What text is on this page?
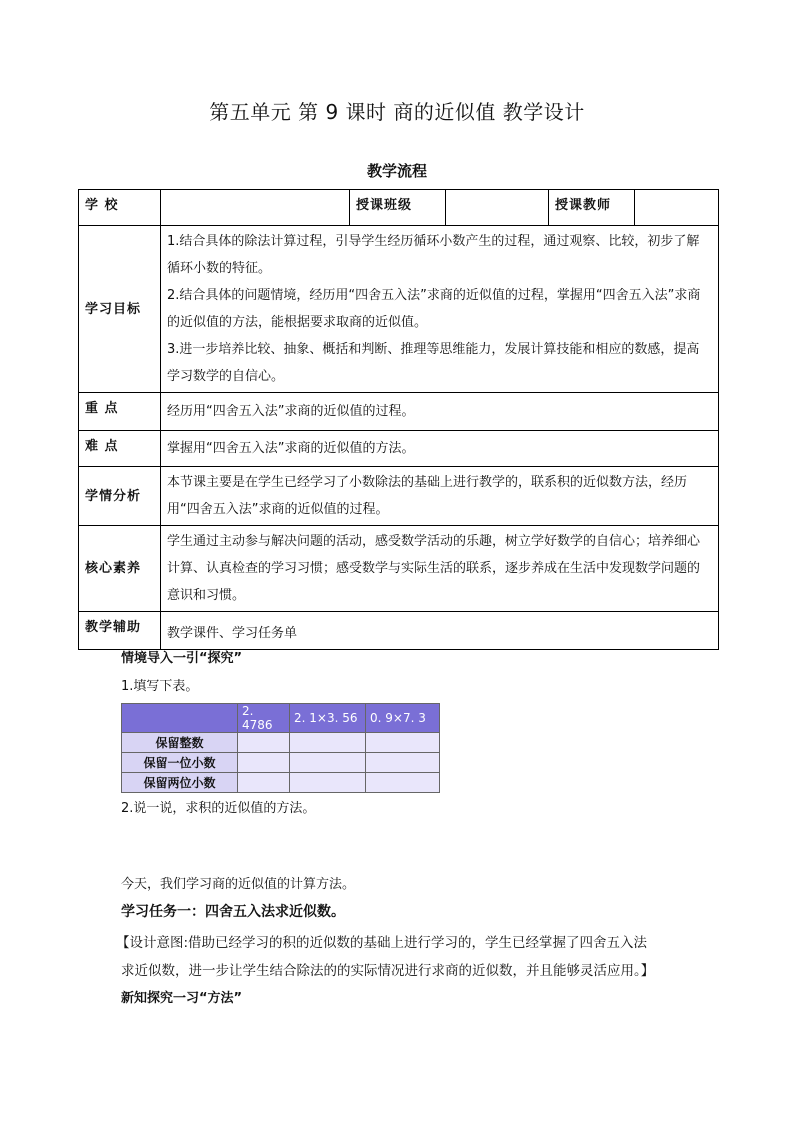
第五单元 第 9 课时 商的近似值 教学设计
教学流程
学 校		授课班级		授课教师	
学习目标	1.结合具体的除法计算过程，引导学生经历循环小数产生的过程，通过观察、比较，初步了解循环小数的特征。
2.结合具体的问题情境，经历用“四舍五入法”求商的近似值的过程，掌握用“四舍五入法”求商的近似值的方法，能根据要求取商的近似值。
3.进一步培养比较、抽象、概括和判断、推理等思维能力，发展计算技能和相应的数感，提高学习数学的自信心。				

重 点	经历用“四舍五入法”求商的近似值的过程。				
难 点	掌握用“四舍五入法”求商的近似值的方法。				
学情分析	本节课主要是在学生已经学习了小数除法的基础上进行教学的，联系积的近似数方法，经历用“四舍五入法”求商的近似值的过程。				
核心素养	学生通过主动参与解决问题的活动，感受数学活动的乐趣，树立学好数学的自信心；培养细心计算、认真检查的学习习惯；感受数学与实际生活的联系，逐步养成在生活中发现数学问题的意识和习惯。				
教学辅助	教学课件、学习任务单				
情境导入一引“探究”
1.填写下表。
	2. 4786	2. 1×3. 56	0. 9×7. 3
保留整数			
保留一位小数			
保留两位小数			
2.说一说，求积的近似值的方法。
今天，我们学习商的近似值的计算方法。
学习任务一：四舍五入法求近似数。
【设计意图:借助已经学习的积的近似数的基础上进行学习的，学生已经掌握了四舍五入法
求近似数，进一步让学生结合除法的的实际情况进行求商的近似数，并且能够灵活应用。】
新知探究一习“方法”
